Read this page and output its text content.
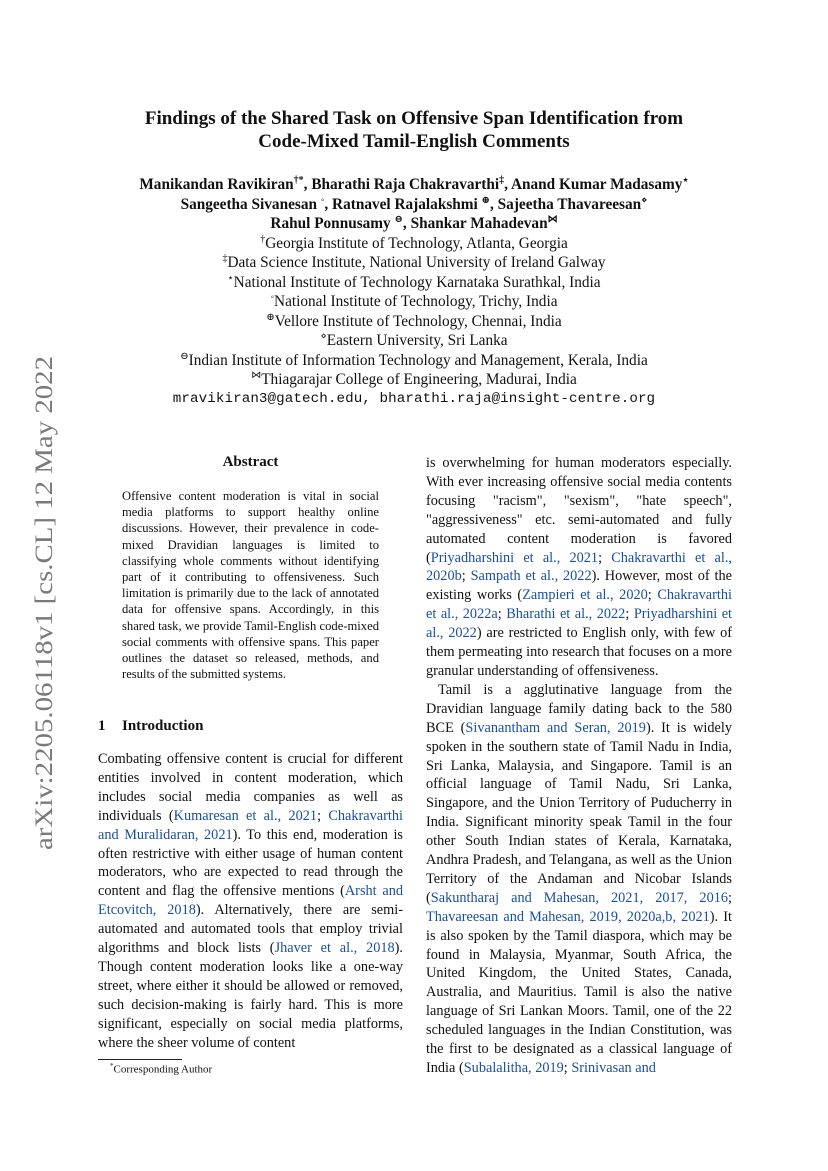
arXiv:2205.06118v1 [cs.CL] 12 May 2022
Findings of the Shared Task on Offensive Span Identification from
Code-Mixed Tamil-English Comments
Manikandan Ravikiran†*, Bharathi Raja Chakravarthi‡, Anand Kumar Madasamy⋆
Sangeetha Sivanesan ◦, Ratnavel Rajalakshmi ⊕, Sajeetha Thavareesan⋄
Rahul Ponnusamy ⊖, Shankar Mahadevan⋈
†Georgia Institute of Technology, Atlanta, Georgia
‡Data Science Institute, National University of Ireland Galway
⋆National Institute of Technology Karnataka Surathkal, India
◦National Institute of Technology, Trichy, India
⊕Vellore Institute of Technology, Chennai, India
⋄Eastern University, Sri Lanka
⊖Indian Institute of Information Technology and Management, Kerala, India
⋈Thiagarajar College of Engineering, Madurai, India
mravikiran3@gatech.edu, bharathi.raja@insight-centre.org
Abstract
Offensive content moderation is vital in social media platforms to support healthy online discussions. However, their prevalence in code-mixed Dravidian languages is limited to classifying whole comments without identifying part of it contributing to offensiveness. Such limitation is primarily due to the lack of annotated data for offensive spans. Accordingly, in this shared task, we provide Tamil-English code-mixed social comments with offensive spans. This paper outlines the dataset so released, methods, and results of the submitted systems.
1 Introduction

Combating offensive content is crucial for different entities involved in content moderation, which includes social media companies as well as individuals (Kumaresan et al., 2021; Chakravarthi and Muralidaran, 2021). To this end, moderation is often restrictive with either usage of human content moderators, who are expected to read through the content and flag the offensive mentions (Arsht and Etcovitch, 2018). Alternatively, there are semi-automated and automated tools that employ trivial algorithms and block lists (Jhaver et al., 2018). Though content moderation looks like a one-way street, where either it should be allowed or removed, such decision-making is fairly hard. This is more significant, especially on social media platforms, where the sheer volume of content

is overwhelming for human moderators especially. With ever increasing offensive social media contents focusing "racism", "sexism", "hate speech", "aggressiveness" etc. semi-automated and fully automated content moderation is favored (Priyadharshini et al., 2021; Chakravarthi et al., 2020b; Sampath et al., 2022). However, most of the existing works (Zampieri et al., 2020; Chakravarthi et al., 2022a; Bharathi et al., 2022; Priyadharshini et al., 2022) are restricted to English only, with few of them permeating into research that focuses on a more granular understanding of offensiveness.

Tamil is a agglutinative language from the Dravidian language family dating back to the 580 BCE (Sivanantham and Seran, 2019). It is widely spoken in the southern state of Tamil Nadu in India, Sri Lanka, Malaysia, and Singapore. Tamil is an official language of Tamil Nadu, Sri Lanka, Singapore, and the Union Territory of Puducherry in India. Significant minority speak Tamil in the four other South Indian states of Kerala, Karnataka, Andhra Pradesh, and Telangana, as well as the Union Territory of the Andaman and Nicobar Islands (Sakuntharaj and Mahesan, 2021, 2017, 2016; Thavareesan and Mahesan, 2019, 2020a,b, 2021). It is also spoken by the Tamil diaspora, which may be found in Malaysia, Myanmar, South Africa, the United Kingdom, the United States, Canada, Australia, and Mauritius. Tamil is also the native language of Sri Lankan Moors. Tamil, one of the 22 scheduled languages in the Indian Constitution, was the first to be designated as a classical language of India (Subalalitha, 2019; Srinivasan and

*Corresponding Author
